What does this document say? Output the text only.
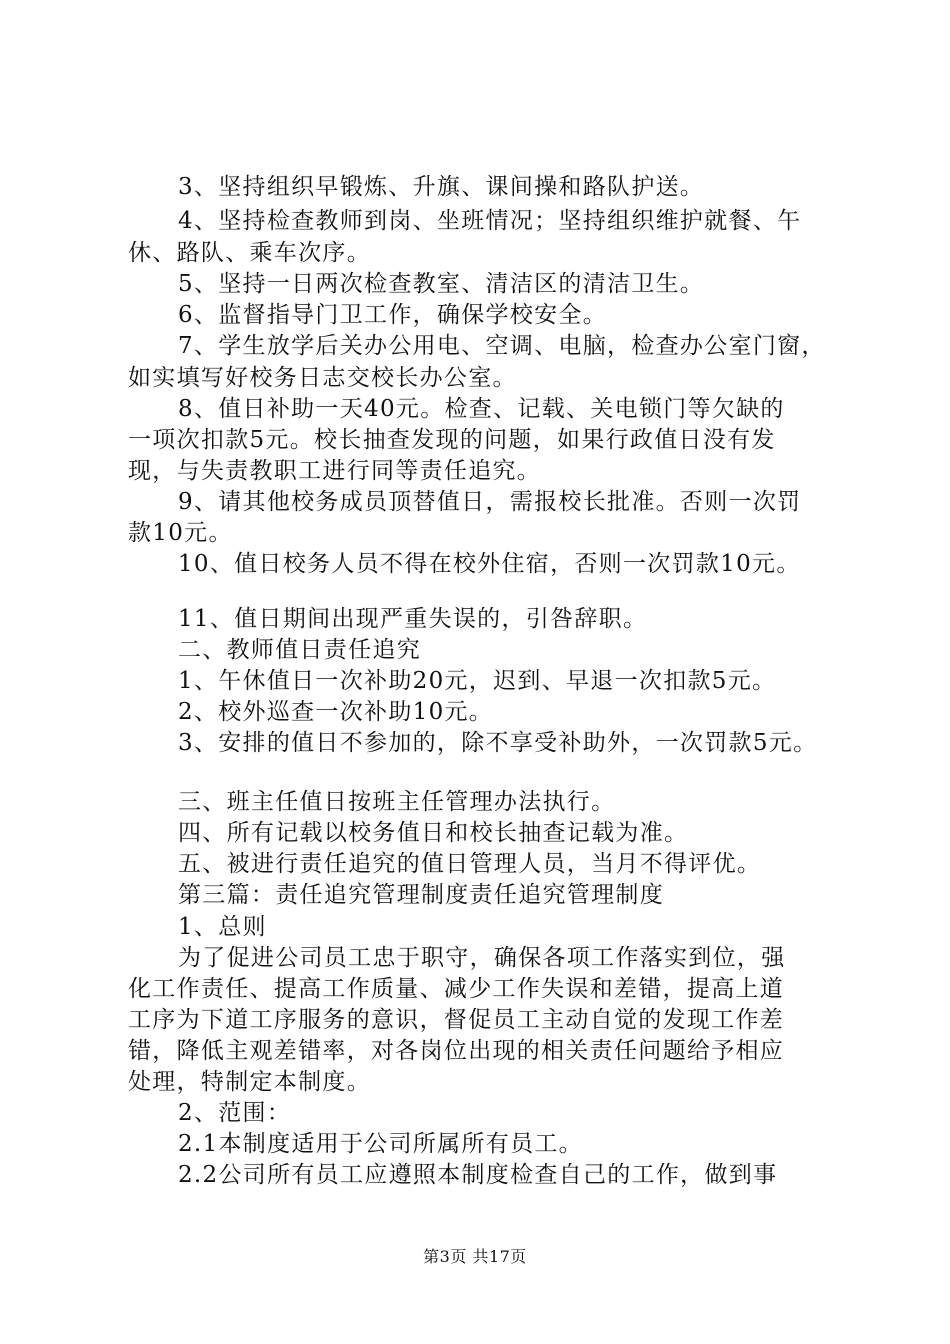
3、坚持组织早锻炼、升旗、课间操和路队护送。
4、坚持检查教师到岗、坐班情况；坚持组织维护就餐、午
休、路队、乘车次序。
5、坚持一日两次检查教室、清洁区的清洁卫生。
6、监督指导门卫工作，确保学校安全。
7、学生放学后关办公用电、空调、电脑，检查办公室门窗，
如实填写好校务日志交校长办公室。
8、值日补助一天40元。检查、记载、关电锁门等欠缺的
一项次扣款5元。校长抽查发现的问题，如果行政值日没有发
现，与失责教职工进行同等责任追究。
9、请其他校务成员顶替值日，需报校长批准。否则一次罚
款10元。
10、值日校务人员不得在校外住宿，否则一次罚款10元。
11、值日期间出现严重失误的，引咎辞职。
二、教师值日责任追究
1、午休值日一次补助20元，迟到、早退一次扣款5元。
2、校外巡查一次补助10元。
3、安排的值日不参加的，除不享受补助外，一次罚款5元。
三、班主任值日按班主任管理办法执行。
四、所有记载以校务值日和校长抽查记载为准。
五、被进行责任追究的值日管理人员，当月不得评优。
第三篇：责任追究管理制度责任追究管理制度
1、总则
为了促进公司员工忠于职守，确保各项工作落实到位，强
化工作责任、提高工作质量、减少工作失误和差错，提高上道
工序为下道工序服务的意识，督促员工主动自觉的发现工作差
错，降低主观差错率，对各岗位出现的相关责任问题给予相应
处理，特制定本制度。
2、范围：
2.1本制度适用于公司所属所有员工。
2.2公司所有员工应遵照本制度检查自己的工作，做到事
第3页 共17页
